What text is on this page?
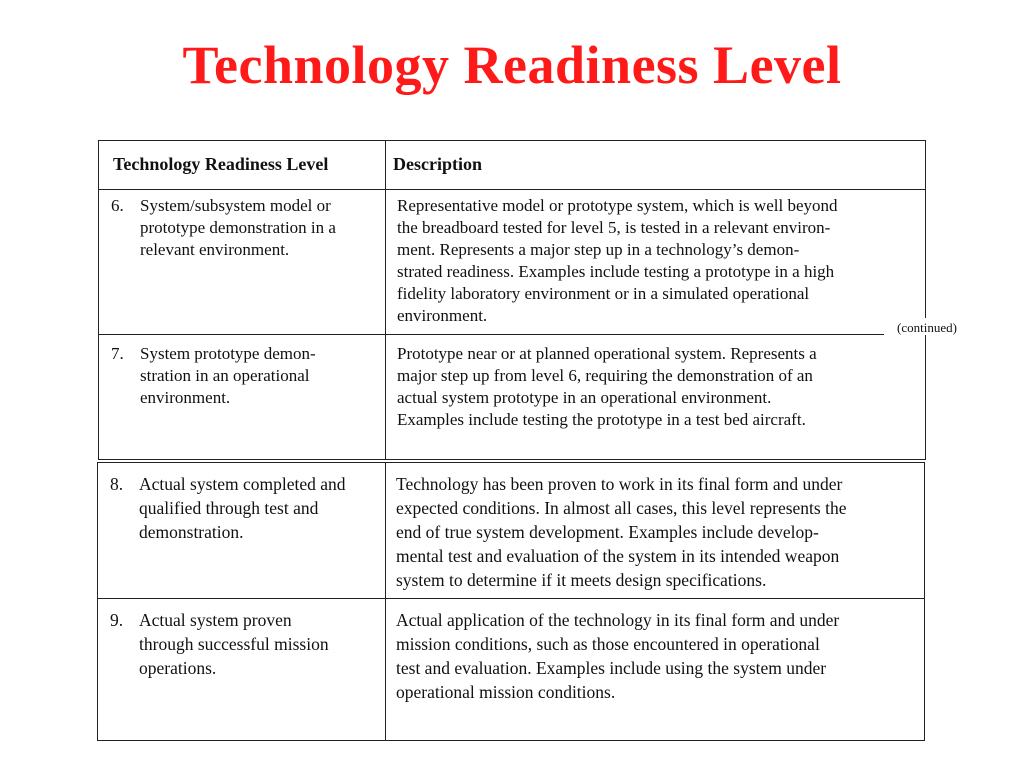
Technology Readiness Level
Technology Readiness Level	Description
6. System/subsystem model or
prototype demonstration in a
relevant environment.
Representative model or prototype system, which is well beyond
the breadboard tested for level 5, is tested in a relevant environ-
ment. Represents a major step up in a technology’s demon-
strated readiness. Examples include testing a prototype in a high
fidelity laboratory environment or in a simulated operational
environment.
(continued)
7. System prototype demon-
stration in an operational
environment.
Prototype near or at planned operational system. Represents a
major step up from level 6, requiring the demonstration of an
actual system prototype in an operational environment.
Examples include testing the prototype in a test bed aircraft.
8. Actual system completed and
qualified through test and
demonstration.
Technology has been proven to work in its final form and under
expected conditions. In almost all cases, this level represents the
end of true system development. Examples include develop-
mental test and evaluation of the system in its intended weapon
system to determine if it meets design specifications.
9. Actual system proven
through successful mission
operations.
Actual application of the technology in its final form and under
mission conditions, such as those encountered in operational
test and evaluation. Examples include using the system under
operational mission conditions.
